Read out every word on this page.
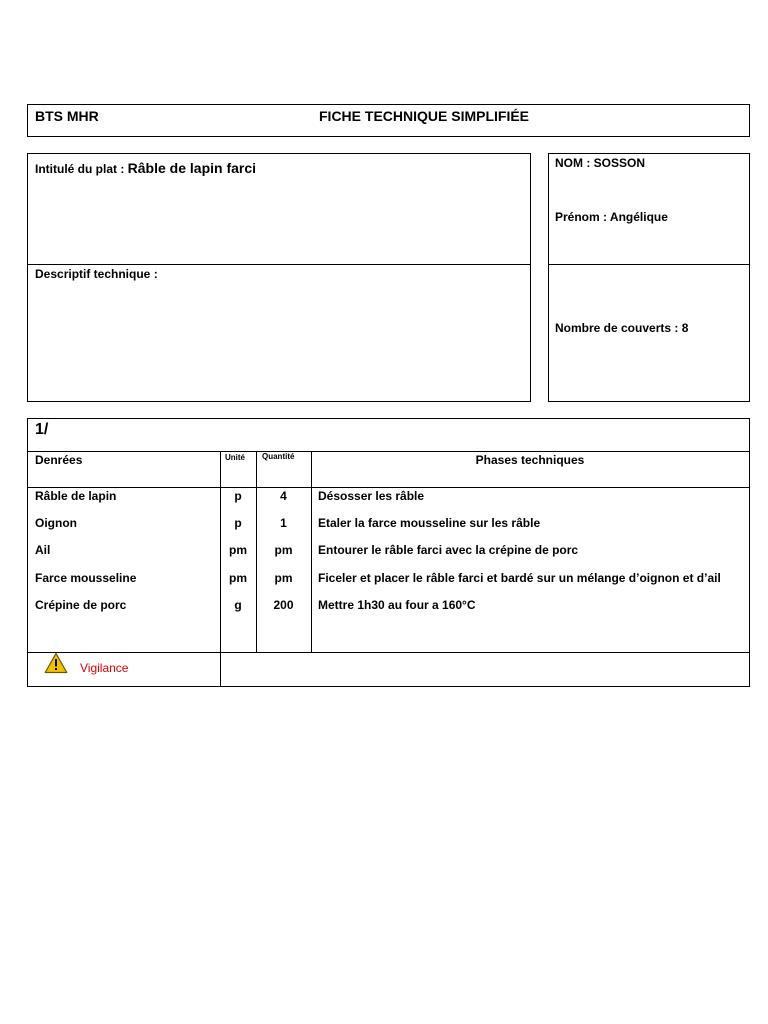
BTS MHR	FICHE TECHNIQUE SIMPLIFIÉE
Intitulé du plat : Râble de lapin farci
Descriptif technique :
NOM : SOSSON
Prénom : Angélique
Nombre de couverts : 8
1/
Denrées	Unité	Quantité	Phases techniques
Râble de lapin	p	4	Désosser les râble
Oignon	p	1	Etaler la farce mousseline sur les râble
Ail	pm	pm	Entourer le râble farci avec la crépine de porc
Farce mousseline	pm	pm	Ficeler et placer le râble farci et bardé sur un mélange d’oignon et d’ail
Crépine de porc	g	200	Mettre 1h30 au four a 160°C
Vigilance
